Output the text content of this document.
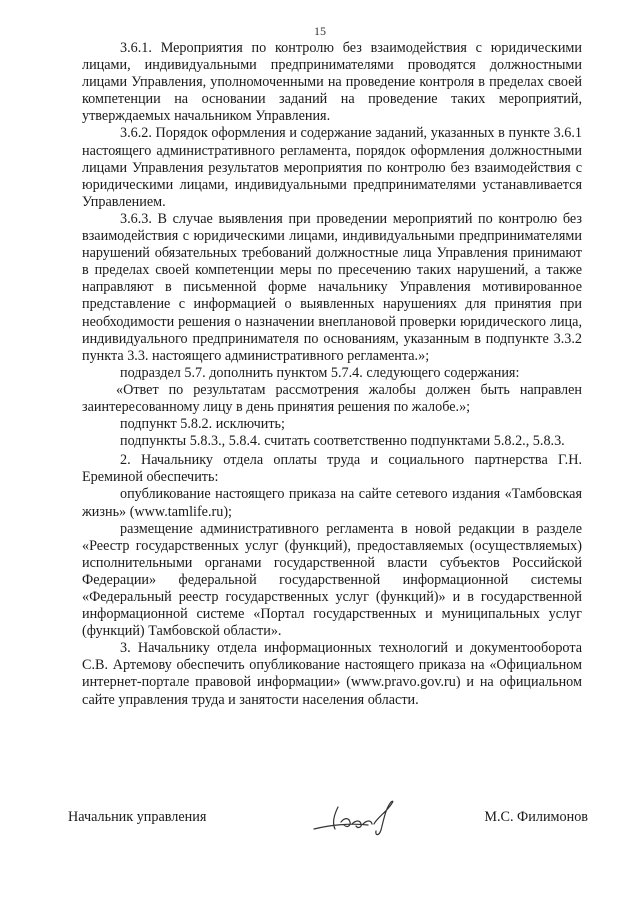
15

3.6.1. Мероприятия по контролю без взаимодействия с юридическими лицами, индивидуальными предпринимателями проводятся должностными лицами Управления, уполномоченными на проведение контроля в пределах своей компетенции на основании заданий на проведение таких мероприятий, утверждаемых начальником Управления.

3.6.2. Порядок оформления и содержание заданий, указанных в пункте 3.6.1 настоящего административного регламента, порядок оформления должностными лицами Управления результатов мероприятия по контролю без взаимодействия с юридическими лицами, индивидуальными предпринимателями устанавливается Управлением.

3.6.3. В случае выявления при проведении мероприятий по контролю без взаимодействия с юридическими лицами, индивидуальными предпринимателями нарушений обязательных требований должностные лица Управления принимают в пределах своей компетенции меры по пресечению таких нарушений, а также направляют в письменной форме начальнику Управления мотивированное представление с информацией о выявленных нарушениях для принятия при необходимости решения о назначении внеплановой проверки юридического лица, индивидуального предпринимателя по основаниям, указанным в подпункте 3.3.2 пункта 3.3. настоящего административного регламента.»;

подраздел 5.7. дополнить пунктом 5.7.4. следующего содержания:

«Ответ по результатам рассмотрения жалобы должен быть направлен заинтересованному лицу в день принятия решения по жалобе.»;

подпункт 5.8.2. исключить;

подпункты 5.8.3., 5.8.4. считать соответственно подпунктами 5.8.2., 5.8.3.

2. Начальнику отдела оплаты труда и социального партнерства Г.Н. Ереминой обеспечить:

опубликование настоящего приказа на сайте сетевого издания «Тамбовская жизнь» (www.tamlife.ru);

размещение административного регламента в новой редакции в разделе «Реестр государственных услуг (функций), предоставляемых (осуществляемых) исполнительными органами государственной власти субъектов Российской Федерации» федеральной государственной информационной системы «Федеральный реестр государственных услуг (функций)» и в государственной информационной системе «Портал государственных и муниципальных услуг (функций) Тамбовской области».

3. Начальнику отдела информационных технологий и документооборота С.В. Артемову обеспечить опубликование настоящего приказа на «Официальном интернет-портале правовой информации» (www.pravo.gov.ru) и на официальном сайте управления труда и занятости населения области.

Начальник управления	М.С. Филимонов
